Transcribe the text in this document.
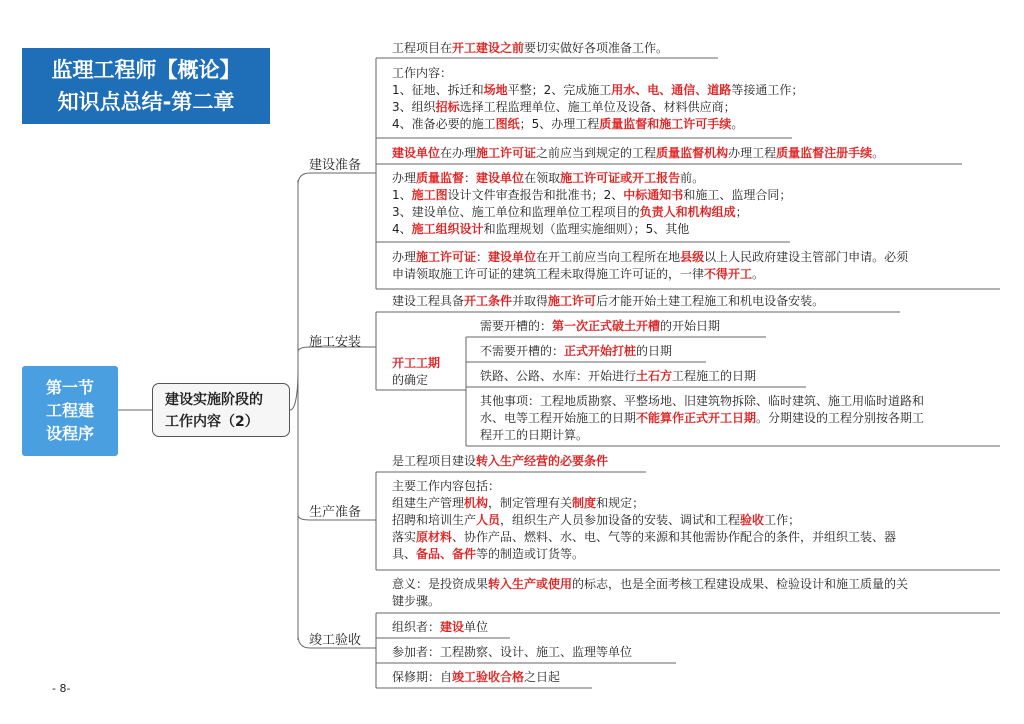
监理工程师【概论】
知识点总结-第二章
第一节
工程建
设程序
建设实施阶段的
工作内容（2）
建设准备
施工安装
生产准备
竣工验收
工程项目在开工建设之前要切实做好各项准备工作。
工作内容：
1、征地、拆迁和场地平整；2、完成施工用水、电、通信、道路等接通工作；
3、组织招标选择工程监理单位、施工单位及设备、材料供应商；
4、准备必要的施工图纸；5、办理工程质量监督和施工许可手续。
建设单位在办理施工许可证之前应当到规定的工程质量监督机构办理工程质量监督注册手续。
办理质量监督：建设单位在领取施工许可证或开工报告前。
1、施工图设计文件审查报告和批准书；2、中标通知书和施工、监理合同；
3、建设单位、施工单位和监理单位工程项目的负责人和机构组成；
4、施工组织设计和监理规划（监理实施细则）；5、其他
办理施工许可证：建设单位在开工前应当向工程所在地县级以上人民政府建设主管部门申请。必须
申请领取施工许可证的建筑工程未取得施工许可证的，一律不得开工。
建设工程具备开工条件并取得施工许可后才能开始土建工程施工和机电设备安装。
开工工期
的确定
需要开槽的：第一次正式破土开槽的开始日期
不需要开槽的：正式开始打桩的日期
铁路、公路、水库：开始进行土石方工程施工的日期
其他事项：工程地质勘察、平整场地、旧建筑物拆除、临时建筑、施工用临时道路和
水、电等工程开始施工的日期不能算作正式开工日期。分期建设的工程分别按各期工
程开工的日期计算。
是工程项目建设转入生产经营的必要条件
主要工作内容包括：
组建生产管理机构，制定管理有关制度和规定；
招聘和培训生产人员，组织生产人员参加设备的安装、调试和工程验收工作；
落实原材料、协作产品、燃料、水、电、气等的来源和其他需协作配合的条件，并组织工装、器
具、备品、备件等的制造或订货等。
意义：是投资成果转入生产或使用的标志，也是全面考核工程建设成果、检验设计和施工质量的关
键步骤。
组织者：建设单位
参加者：工程勘察、设计、施工、监理等单位
保修期：自竣工验收合格之日起
- 8-
